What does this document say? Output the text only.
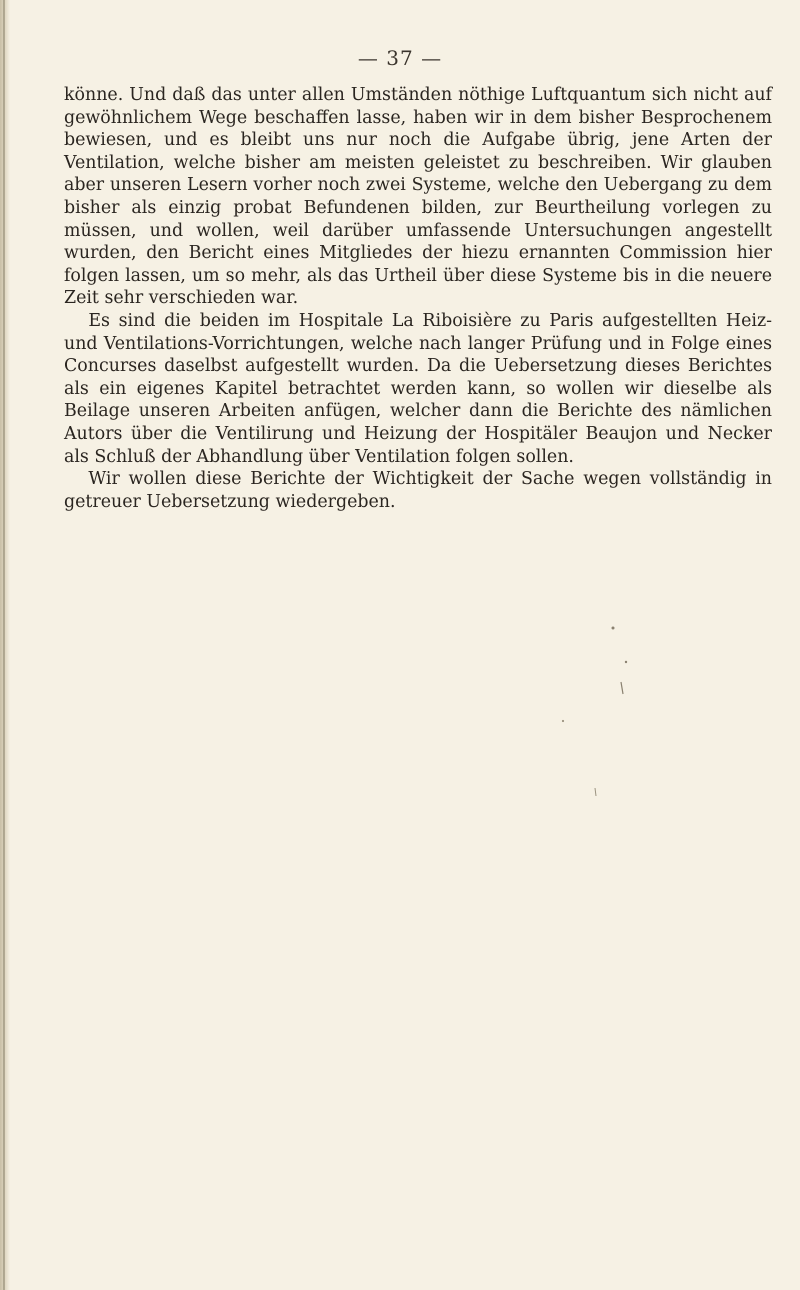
— 37 —

könne. Und daß das unter allen Umständen nöthige Luftquantum sich nicht auf gewöhnlichem Wege beschaffen lasse, haben wir in dem bisher Besprochenem bewiesen, und es bleibt uns nur noch die Aufgabe übrig, jene Arten der Ventilation, welche bisher am meisten geleistet zu beschreiben. Wir glauben aber unseren Lesern vorher noch zwei Systeme, welche den Uebergang zu dem bisher als einzig probat Befundenen bilden, zur Beurtheilung vorlegen zu müssen, und wollen, weil darüber umfassende Untersuchungen angestellt wurden, den Bericht eines Mitgliedes der hiezu ernannten Commission hier folgen lassen, um so mehr, als das Urtheil über diese Systeme bis in die neuere Zeit sehr verschieden war.

Es sind die beiden im Hospitale La Riboisière zu Paris aufgestellten Heiz- und Ventilations-Vorrichtungen, welche nach langer Prüfung und in Folge eines Concurses daselbst aufgestellt wurden. Da die Uebersetzung dieses Berichtes als ein eigenes Kapitel betrachtet werden kann, so wollen wir dieselbe als Beilage unseren Arbeiten anfügen, welcher dann die Berichte des nämlichen Autors über die Ventilirung und Heizung der Hospitäler Beaujon und Necker als Schluß der Abhandlung über Ventilation folgen sollen.

Wir wollen diese Berichte der Wichtigkeit der Sache wegen vollständig in getreuer Uebersetzung wiedergeben.
